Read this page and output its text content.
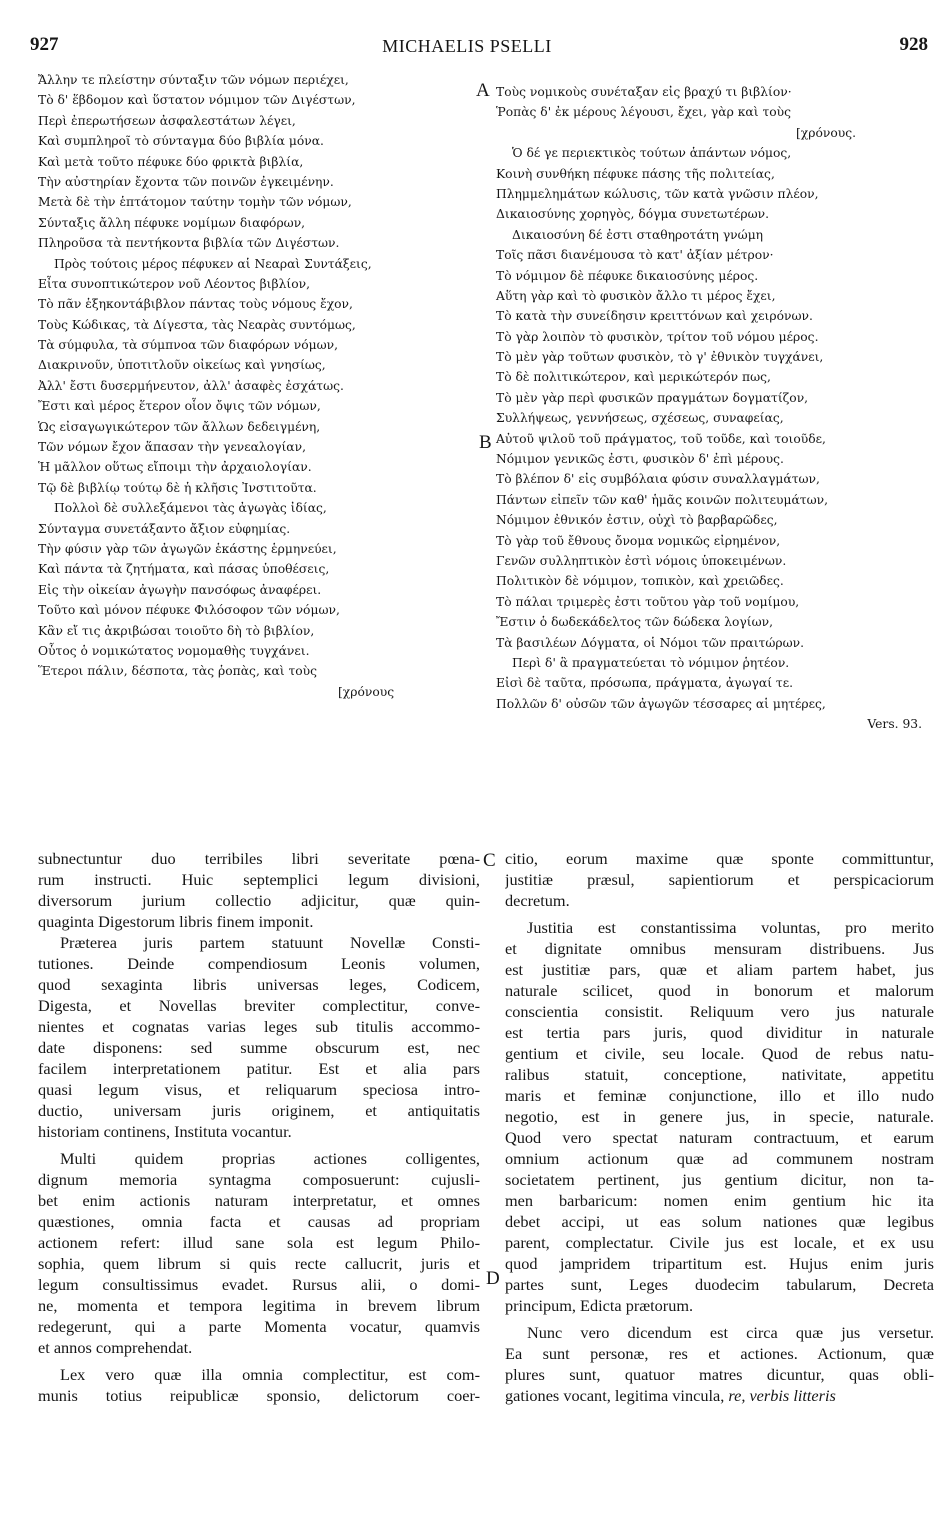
927	MICHAELIS PSELLI	928
A
B
C
D
Ἄλλην τε πλείστην σύνταξιν τῶν νόμων περιέχει,
Τὸ δ' ἕβδομον καὶ ὕστατον νόμιμον τῶν Διγέστων,
Περὶ ἐπερωτήσεων ἀσφαλεστάτων λέγει,
Καὶ συμπληροῖ τὸ σύνταγμα δύο βιβλία μόνα.
Καὶ μετὰ τοῦτο πέφυκε δύο φρικτὰ βιβλία,
Τὴν αὐστηρίαν ἔχοντα τῶν ποινῶν ἐγκειμένην.
Μετὰ δὲ τὴν ἑπτάτομον ταύτην τομὴν τῶν νόμων,
Σύνταξις ἄλλη πέφυκε νομίμων διαφόρων,
Πληροῦσα τὰ πεντήκοντα βιβλία τῶν Διγέστων.
Πρὸς τούτοις μέρος πέφυκεν αἱ Νεαραὶ Συντάξεις,
Εἶτα συνοπτικώτερον νοῦ Λέοντος βιβλίον,
Τὸ πᾶν ἑξηκοντάβιβλον πάντας τοὺς νόμους ἔχον,
Τοὺς Κώδικας, τὰ Δίγεστα, τὰς Νεαρὰς συντόμως,
Τὰ σύμφυλα, τὰ σύμπνοα τῶν διαφόρων νόμων,
Διακρινοῦν, ὑποτιτλοῦν οἰκείως καὶ γνησίως,
Ἀλλ' ἔστι δυσερμήνευτον, ἀλλ' ἀσαφὲς ἐσχάτως.
Ἔστι καὶ μέρος ἕτερον οἷον ὄψις τῶν νόμων,
Ὡς εἰσαγωγικώτερον τῶν ἄλλων δεδειγμένη,
Τῶν νόμων ἔχον ἅπασαν τὴν γενεαλογίαν,
Ἡ μᾶλλον οὕτως εἴποιμι τὴν ἀρχαιολογίαν.
Τῷ δὲ βιβλίῳ τούτῳ δὲ ἡ κλῆσις Ἰνστιτοῦτα.
Πολλοὶ δὲ συλλεξάμενοι τὰς ἀγωγὰς ἰδίας,
Σύνταγμα συνετάξαντο ἄξιον εὐφημίας.
Τὴν φύσιν γὰρ τῶν ἀγωγῶν ἑκάστης ἑρμηνεύει,
Καὶ πάντα τὰ ζητήματα, καὶ πάσας ὑποθέσεις,
Εἰς τὴν οἰκείαν ἀγωγὴν πανσόφως ἀναφέρει.
Τοῦτο καὶ μόνον πέφυκε Φιλόσοφον τῶν νόμων,
Κἂν εἴ τις ἀκριβώσαι τοιοῦτο δὴ τὸ βιβλίον,
Οὗτος ὁ νομικώτατος νομομαθὴς τυγχάνει.
Ἕτεροι πάλιν, δέσποτα, τὰς ῥοπὰς, καὶ τοὺς
[χρόνους
Τοὺς νομικοὺς συνέταξαν εἰς βραχύ τι βιβλίον·
Ῥοπὰς δ' ἐκ μέρους λέγουσι, ἔχει, γὰρ καὶ τοὺς
[χρόνους.
Ὁ δέ γε περιεκτικὸς τούτων ἁπάντων νόμος,
Κοινὴ συνθήκη πέφυκε πάσης τῆς πολιτείας,
Πλημμελημάτων κώλυσις, τῶν κατὰ γνῶσιν πλέον,
Δικαιοσύνης χορηγὸς, δόγμα συνετωτέρων.
Δικαιοσύνη δέ ἐστι σταθηροτάτη γνώμη
Τοῖς πᾶσι διανέμουσα τὸ κατ' ἀξίαν μέτρον·
Τὸ νόμιμον δὲ πέφυκε δικαιοσύνης μέρος.
Αὕτη γὰρ καὶ τὸ φυσικὸν ἄλλο τι μέρος ἔχει,
Τὸ κατὰ τὴν συνείδησιν κρειττόνων καὶ χειρόνων.
Τὸ γὰρ λοιπὸν τὸ φυσικὸν, τρίτον τοῦ νόμου μέρος.
Τὸ μὲν γὰρ τοῦτων φυσικὸν, τὸ γ' ἐθνικὸν τυγχάνει,
Τὸ δὲ πολιτικώτερον, καὶ μερικώτερόν πως,
Τὸ μὲν γὰρ περὶ φυσικῶν πραγμάτων δογματίζον,
Συλλήψεως, γεννήσεως, σχέσεως, συναφείας,
Αὐτοῦ ψιλοῦ τοῦ πράγματος, τοῦ τοῦδε, καὶ τοιοῦδε,
Νόμιμον γενικῶς ἐστι, φυσικὸν δ' ἐπὶ μέρους.
Τὸ βλέπον δ' εἰς συμβόλαια φύσιν συναλλαγμάτων,
Πάντων εἰπεῖν τῶν καθ' ἡμᾶς κοινῶν πολιτευμάτων,
Νόμιμον ἐθνικόν ἐστιν, οὐχὶ τὸ βαρβαρῶδες,
Τὸ γὰρ τοῦ ἔθνους ὄνομα νομικῶς εἰρημένον,
Γενῶν συλληπτικὸν ἐστὶ νόμοις ὑποκειμένων.
Πολιτικὸν δὲ νόμιμον, τοπικὸν, καὶ χρειῶδες.
Τὸ πάλαι τριμερὲς ἐστι τοῦτου γὰρ τοῦ νομίμου,
Ἔστιν ὁ δωδεκάδελτος τῶν δώδεκα λογίων,
Τὰ βασιλέων Δόγματα, οἱ Νόμοι τῶν πραιτώρων.
Περὶ δ' ἃ πραγματεύεται τὸ νόμιμον ῥητέον.
Εἰσὶ δὲ ταῦτα, πρόσωπα, πράγματα, ἀγωγαί τε.
Πολλῶν δ' οὐσῶν τῶν ἀγωγῶν τέσσαρες αἱ μητέρες,
Vers. 93.
subnectuntur duo terribiles libri severitate pœna-
rum instructi. Huic septemplici legum divisioni,
diversorum jurium collectio adjicitur, quæ quin-
quaginta Digestorum libris finem imponit.
Præterea juris partem statuunt Novellæ Consti-
tutiones. Deinde compendiosum Leonis volumen,
quod sexaginta libris universas leges, Codicem,
Digesta, et Novellas breviter complectitur, conve-
nientes et cognatas varias leges sub titulis accommo-
date disponens: sed summe obscurum est, nec
facilem interpretationem patitur. Est et alia pars
quasi legum visus, et reliquarum speciosa intro-
ductio, universam juris originem, et antiquitatis
historiam continens, Instituta vocantur.
Multi quidem proprias actiones colligentes,
dignum memoria syntagma composuerunt: cujusli-
bet enim actionis naturam interpretatur, et omnes
quæstiones, omnia facta et causas ad propriam
actionem refert: illud sane sola est legum Philo-
sophia, quem librum si quis recte callucrit, juris et
legum consultissimus evadet. Rursus alii, o domi-
ne, momenta et tempora legitima in brevem librum
redegerunt, qui a parte Momenta vocatur, quamvis
et annos comprehendat.
Lex vero quæ illa omnia complectitur, est com-
munis totius reipublicæ sponsio, delictorum coer-
citio, eorum maxime quæ sponte committuntur,
justitiæ præsul, sapientiorum et perspicaciorum
decretum.
Justitia est constantissima voluntas, pro merito
et dignitate omnibus mensuram distribuens. Jus
est justitiæ pars, quæ et aliam partem habet, jus
naturale scilicet, quod in bonorum et malorum
conscientia consistit. Reliquum vero jus naturale
est tertia pars juris, quod dividitur in naturale
gentium et civile, seu locale. Quod de rebus natu-
ralibus statuit, conceptione, nativitate, appetitu
maris et feminæ conjunctione, illo et illo nudo
negotio, est in genere jus, in specie, naturale.
Quod vero spectat naturam contractuum, et earum
omnium actionum quæ ad communem nostram
societatem pertinent, jus gentium dicitur, non ta-
men barbaricum: nomen enim gentium hic ita
debet accipi, ut eas solum nationes quæ legibus
parent, complectatur. Civile jus est locale, et ex usu
quod jampridem tripartitum est. Hujus enim juris
partes sunt, Leges duodecim tabularum, Decreta
principum, Edicta prætorum.
Nunc vero dicendum est circa quæ jus versetur.
Ea sunt personæ, res et actiones. Actionum, quæ
plures sunt, quatuor matres dicuntur, quas obli-
gationes vocant, legitima vincula, re, verbis litteris
